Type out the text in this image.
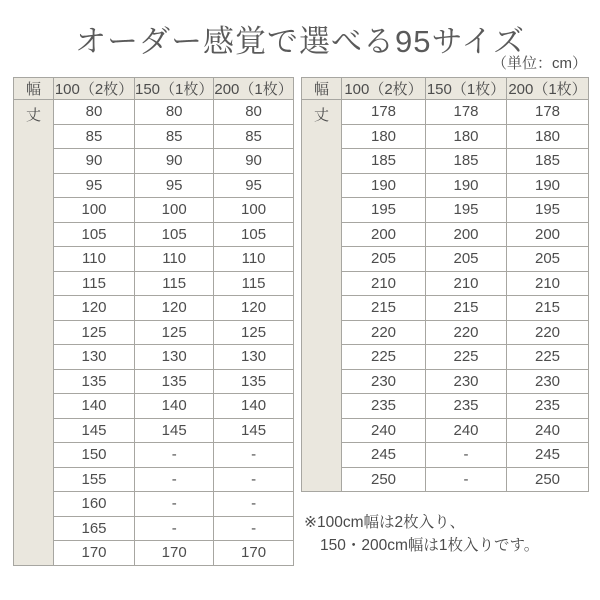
オーダー感覚で選べる95サイズ
（単位：cm）
幅	100（2枚）	150（1枚）	200（1枚）
丈	80	80	80
	85	85	85
	90	90	90
	95	95	95
	100	100	100
	105	105	105
	110	110	110
	115	115	115
	120	120	120
	125	125	125
	130	130	130
	135	135	135
	140	140	140
	145	145	145
	150	-	-
	155	-	-
	160	-	-
	165	-	-
	170	170	170
幅	100（2枚）	150（1枚）	200（1枚）
丈	178	178	178
	180	180	180
	185	185	185
	190	190	190
	195	195	195
	200	200	200
	205	205	205
	210	210	210
	215	215	215
	220	220	220
	225	225	225
	230	230	230
	235	235	235
	240	240	240
	245	-	245
	250	-	250
※100cm幅は2枚入り、
150・200cm幅は1枚入りです。
